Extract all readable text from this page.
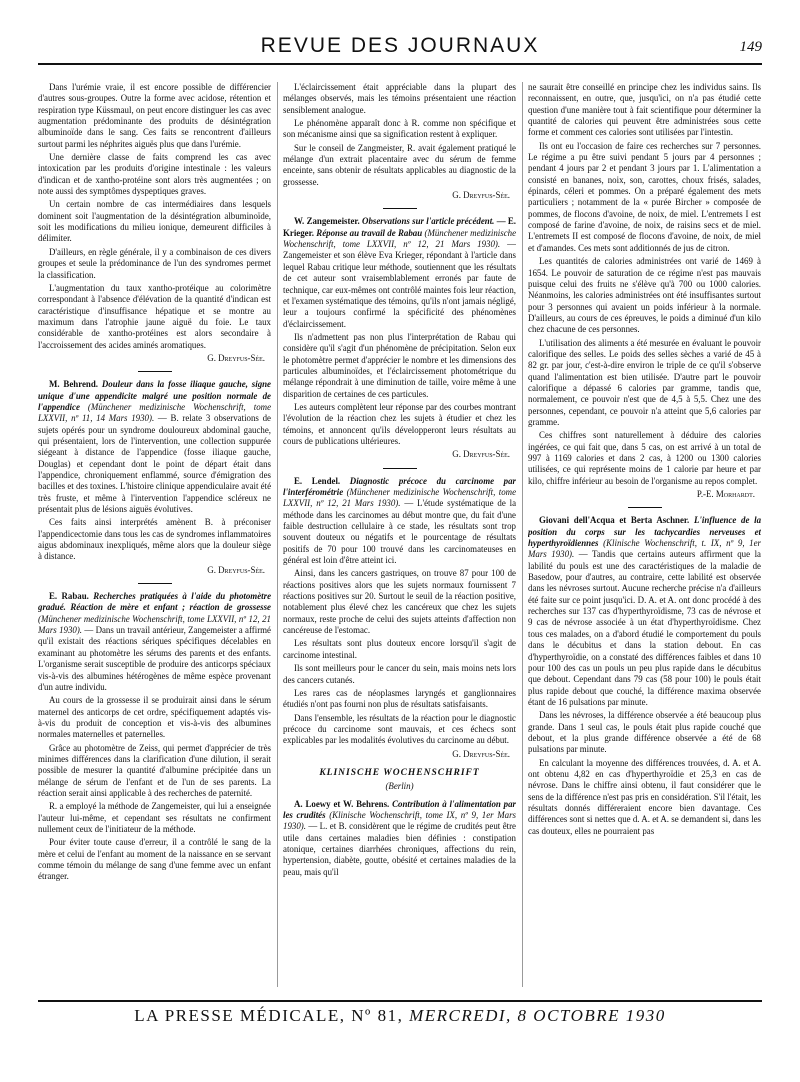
REVUE DES JOURNAUX	149

Dans l'urémie vraie, il est encore possible de différencier d'autres sous-groupes. Outre la forme avec acidose, rétention et respiration type Küssmaul, on peut encore distinguer les cas avec augmentation prédominante des produits de désintégration albuminoïde dans le sang. Ces faits se rencontrent d'ailleurs surtout parmi les néphrites aiguës plus que dans l'urémie.

Une dernière classe de faits comprend les cas avec intoxication par les produits d'origine intestinale : les valeurs d'indican et de xantho-protéine sont alors très augmentées ; on note aussi des symptômes dyspeptiques graves.

Un certain nombre de cas intermédiaires dans lesquels dominent soit l'augmentation de la désintégration albuminoïde, soit les modifications du milieu ionique, demeurent difficiles à délimiter.

D'ailleurs, en règle générale, il y a combinaison de ces divers groupes et seule la prédominance de l'un des syndromes permet la classification.

L'augmentation du taux xantho-protéique au colorimètre correspondant à l'absence d'élévation de la quantité d'indican est caractéristique d'insuffisance hépatique et se montre au maximum dans l'atrophie jaune aiguë du foie. Le taux considérable de xantho-protéines est alors secondaire à l'accroissement des acides aminés aromatiques.

G. Dreyfus-Sée.

M. Behrend. Douleur dans la fosse iliaque gauche, signe unique d'une appendicite malgré une position normale de l'appendice (Münchener medizinische Wochenschrift, tome LXXVII, nº 11, 14 Mars 1930). — B. relate 3 observations de sujets opérés pour un syndrome douloureux abdominal gauche, qui présentaient, lors de l'intervention, une collection suppurée siégeant à distance de l'appendice (fosse iliaque gauche, Douglas) et cependant dont le point de départ était dans l'appendice, chroniquement enflammé, source d'émigration des bacilles et des toxines. L'histoire clinique appendiculaire avait été très fruste, et même à l'intervention l'appendice scléreux ne présentait plus de lésions aiguës évolutives.

Ces faits ainsi interprétés amènent B. à préconiser l'appendicectomie dans tous les cas de syndromes inflammatoires aigus abdominaux inexpliqués, même alors que la douleur siège à distance.

G. Dreyfus-Sée.

E. Rabau. Recherches pratiquées à l'aide du photomètre gradué. Réaction de mère et enfant ; réaction de grossesse (Münchener medizinische Wochenschrift, tome LXXVII, nº 12, 21 Mars 1930). — Dans un travail antérieur, Zangemeister a affirmé qu'il existait des réactions sériques spécifiques décelables en examinant au photomètre les sérums des parents et des enfants. L'organisme serait susceptible de produire des anticorps spéciaux vis-à-vis des albumines hétérogènes de même espèce provenant d'un autre individu.

Au cours de la grossesse il se produirait ainsi dans le sérum maternel des anticorps de cet ordre, spécifiquement adaptés vis-à-vis du produit de conception et vis-à-vis des albumines normales maternelles et paternelles.

Grâce au photomètre de Zeiss, qui permet d'apprécier de très minimes différences dans la clarification d'une dilution, il serait possible de mesurer la quantité d'albumine précipitée dans un mélange de sérum de l'enfant et de l'un de ses parents. La réaction serait ainsi applicable à des recherches de paternité.

R. a employé la méthode de Zangemeister, qui lui a enseignée l'auteur lui-même, et cependant ses résultats ne confirment nullement ceux de l'initiateur de la méthode.

Pour éviter toute cause d'erreur, il a contrôlé le sang de la mère et celui de l'enfant au moment de la naissance en se servant comme témoin du mélange de sang d'une femme avec un enfant étranger.

L'éclaircissement était appréciable dans la plupart des mélanges observés, mais les témoins présentaient une réaction sensiblement analogue.

Le phénomène apparaît donc à R. comme non spécifique et son mécanisme ainsi que sa signification restent à expliquer.

Sur le conseil de Zangmeister, R. avait également pratiqué le mélange d'un extrait placentaire avec du sérum de femme enceinte, sans obtenir de résultats applicables au diagnostic de la grossesse.

G. Dreyfus-Sée.

W. Zangemeister. Observations sur l'article précédent. — E. Krieger. Réponse au travail de Rabau (Münchener medizinische Wochenschrift, tome LXXVII, nº 12, 21 Mars 1930). — Zangemeister et son élève Eva Krieger, répondant à l'article dans lequel Rabau critique leur méthode, soutiennent que les résultats de cet auteur sont vraisemblablement erronés par faute de technique, car eux-mêmes ont contrôlé maintes fois leur réaction, et l'examen systématique des témoins, qu'ils n'ont jamais négligé, leur a toujours confirmé la spécificité des phénomènes d'éclaircissement.

Ils n'admettent pas non plus l'interprétation de Rabau qui considère qu'il s'agit d'un phénomène de précipitation. Selon eux le photomètre permet d'apprécier le nombre et les dimensions des particules albuminoïdes, et l'éclaircissement photométrique du mélange répondrait à une diminution de taille, voire même à une disparition de certaines de ces particules.

Les auteurs complètent leur réponse par des courbes montrant l'évolution de la réaction chez les sujets à étudier et chez les témoins, et annoncent qu'ils développeront leurs résultats au cours de publications ultérieures.

G. Dreyfus-Sée.

E. Lendel. Diagnostic précoce du carcinome par l'interférométrie (Münchener medizinische Wochenschrift, tome LXXVII, nº 12, 21 Mars 1930). — L'étude systématique de la méthode dans les carcinomes au début montre que, du fait d'une faible destruction cellulaire à ce stade, les résultats sont trop souvent douteux ou négatifs et le pourcentage de résultats positifs de 70 pour 100 trouvé dans les carcinomateuses en général est loin d'être atteint ici.

Ainsi, dans les cancers gastriques, on trouve 87 pour 100 de réactions positives alors que les sujets normaux fournissent 7 réactions positives sur 20. Surtout le seuil de la réaction positive, notablement plus élevé chez les cancéreux que chez les sujets normaux, reste proche de celui des sujets atteints d'affection non cancéreuse de l'estomac.

Les résultats sont plus douteux encore lorsqu'il s'agit de carcinome intestinal.

Ils sont meilleurs pour le cancer du sein, mais moins nets lors des cancers cutanés.

Les rares cas de néoplasmes laryngés et ganglionnaires étudiés n'ont pas fourni non plus de résultats satisfaisants.

Dans l'ensemble, les résultats de la réaction pour le diagnostic précoce du carcinome sont mauvais, et ces échecs sont explicables par les modalités évolutives du carcinome au début.

G. Dreyfus-Sée.

KLINISCHE WOCHENSCHRIFT

(Berlin)

A. Loewy et W. Behrens. Contribution à l'alimentation par les crudités (Klinische Wochenschrift, tome IX, nº 9, 1er Mars 1930). — L. et B. considèrent que le régime de crudités peut être utile dans certaines maladies bien définies : constipation atonique, certaines diarrhées chroniques, affections du rein, hypertension, diabète, goutte, obésité et certaines maladies de la peau, mais qu'il

ne saurait être conseillé en principe chez les individus sains. Ils reconnaissent, en outre, que, jusqu'ici, on n'a pas étudié cette question d'une manière tout à fait scientifique pour déterminer la quantité de calories qui peuvent être administrées sous cette forme et comment ces calories sont utilisées par l'intestin.

Ils ont eu l'occasion de faire ces recherches sur 7 personnes. Le régime a pu être suivi pendant 5 jours par 4 personnes ; pendant 4 jours par 2 et pendant 3 jours par 1. L'alimentation a consisté en bananes, noix, son, carottes, choux frisés, salades, épinards, céleri et pommes. On a préparé également des mets particuliers ; notamment de la « purée Bircher » composée de pommes, de flocons d'avoine, de noix, de miel. L'entremets I est composé de farine d'avoine, de noix, de raisins secs et de miel. L'entremets II est composé de flocons d'avoine, de noix, de miel et d'amandes. Ces mets sont additionnés de jus de citron.

Les quantités de calories administrées ont varié de 1469 à 1654. Le pouvoir de saturation de ce régime n'est pas mauvais puisque celui des fruits ne s'élève qu'à 700 ou 1000 calories. Néanmoins, les calories administrées ont été insuffisantes surtout pour 3 personnes qui avaient un poids inférieur à la normale. D'ailleurs, au cours de ces épreuves, le poids a diminué d'un kilo chez chacune de ces personnes.

L'utilisation des aliments a été mesurée en évaluant le pouvoir calorifique des selles. Le poids des selles sèches a varié de 45 à 82 gr. par jour, c'est-à-dire environ le triple de ce qu'il s'observe quand l'alimentation est bien utilisée. D'autre part le pouvoir calorifique a dépassé 6 calories par gramme, tandis que, normalement, ce pouvoir n'est que de 4,5 à 5,5. Chez une des personnes, cependant, ce pouvoir n'a atteint que 5,6 calories par gramme.

Ces chiffres sont naturellement à déduire des calories ingérées, ce qui fait que, dans 5 cas, on est arrivé à un total de 997 à 1169 calories et dans 2 cas, à 1200 ou 1300 calories utilisées, ce qui représente moins de 1 calorie par heure et par kilo, chiffre inférieur au besoin de l'organisme au repos complet.

P.-E. Morhardt.

Giovani dell'Acqua et Berta Aschner. L'influence de la position du corps sur les tachycardies nerveuses et hyperthyroïdiennes (Klinische Wochenschrift, t. IX, nº 9, 1er Mars 1930). — Tandis que certains auteurs affirment que la labilité du pouls est une des caractéristiques de la maladie de Basedow, pour d'autres, au contraire, cette labilité est observée dans les névroses surtout. Aucune recherche précise n'a d'ailleurs été faite sur ce point jusqu'ici. D. A. et A. ont donc procédé à des recherches sur 137 cas d'hyperthyroïdisme, 73 cas de névrose et 9 cas de névrose associée à un état d'hyperthyroïdisme. Chez tous ces malades, on a d'abord étudié le comportement du pouls dans le décubitus et dans la station debout. En cas d'hyperthyroïdie, on a constaté des différences faibles et dans 10 pour 100 des cas un pouls un peu plus rapide dans le décubitus que debout. Cependant dans 79 cas (58 pour 100) le pouls était plus rapide debout que couché, la différence maxima observée étant de 16 pulsations par minute.

Dans les névroses, la différence observée a été beaucoup plus grande. Dans 1 seul cas, le pouls était plus rapide couché que debout, et la plus grande différence observée a été de 68 pulsations par minute.

En calculant la moyenne des différences trouvées, d. A. et A. ont obtenu 4,82 en cas d'hyperthyroïdie et 25,3 en cas de névrose. Dans le chiffre ainsi obtenu, il faut considérer que le sens de la différence n'est pas pris en considération. S'il l'était, les résultats donnés différeraient encore bien davantage. Ces différences sont si nettes que d. A. et A. se demandent si, dans les cas douteux, elles ne pourraient pas

LA PRESSE MÉDICALE, Nº 81, MERCREDI, 8 OCTOBRE 1930
